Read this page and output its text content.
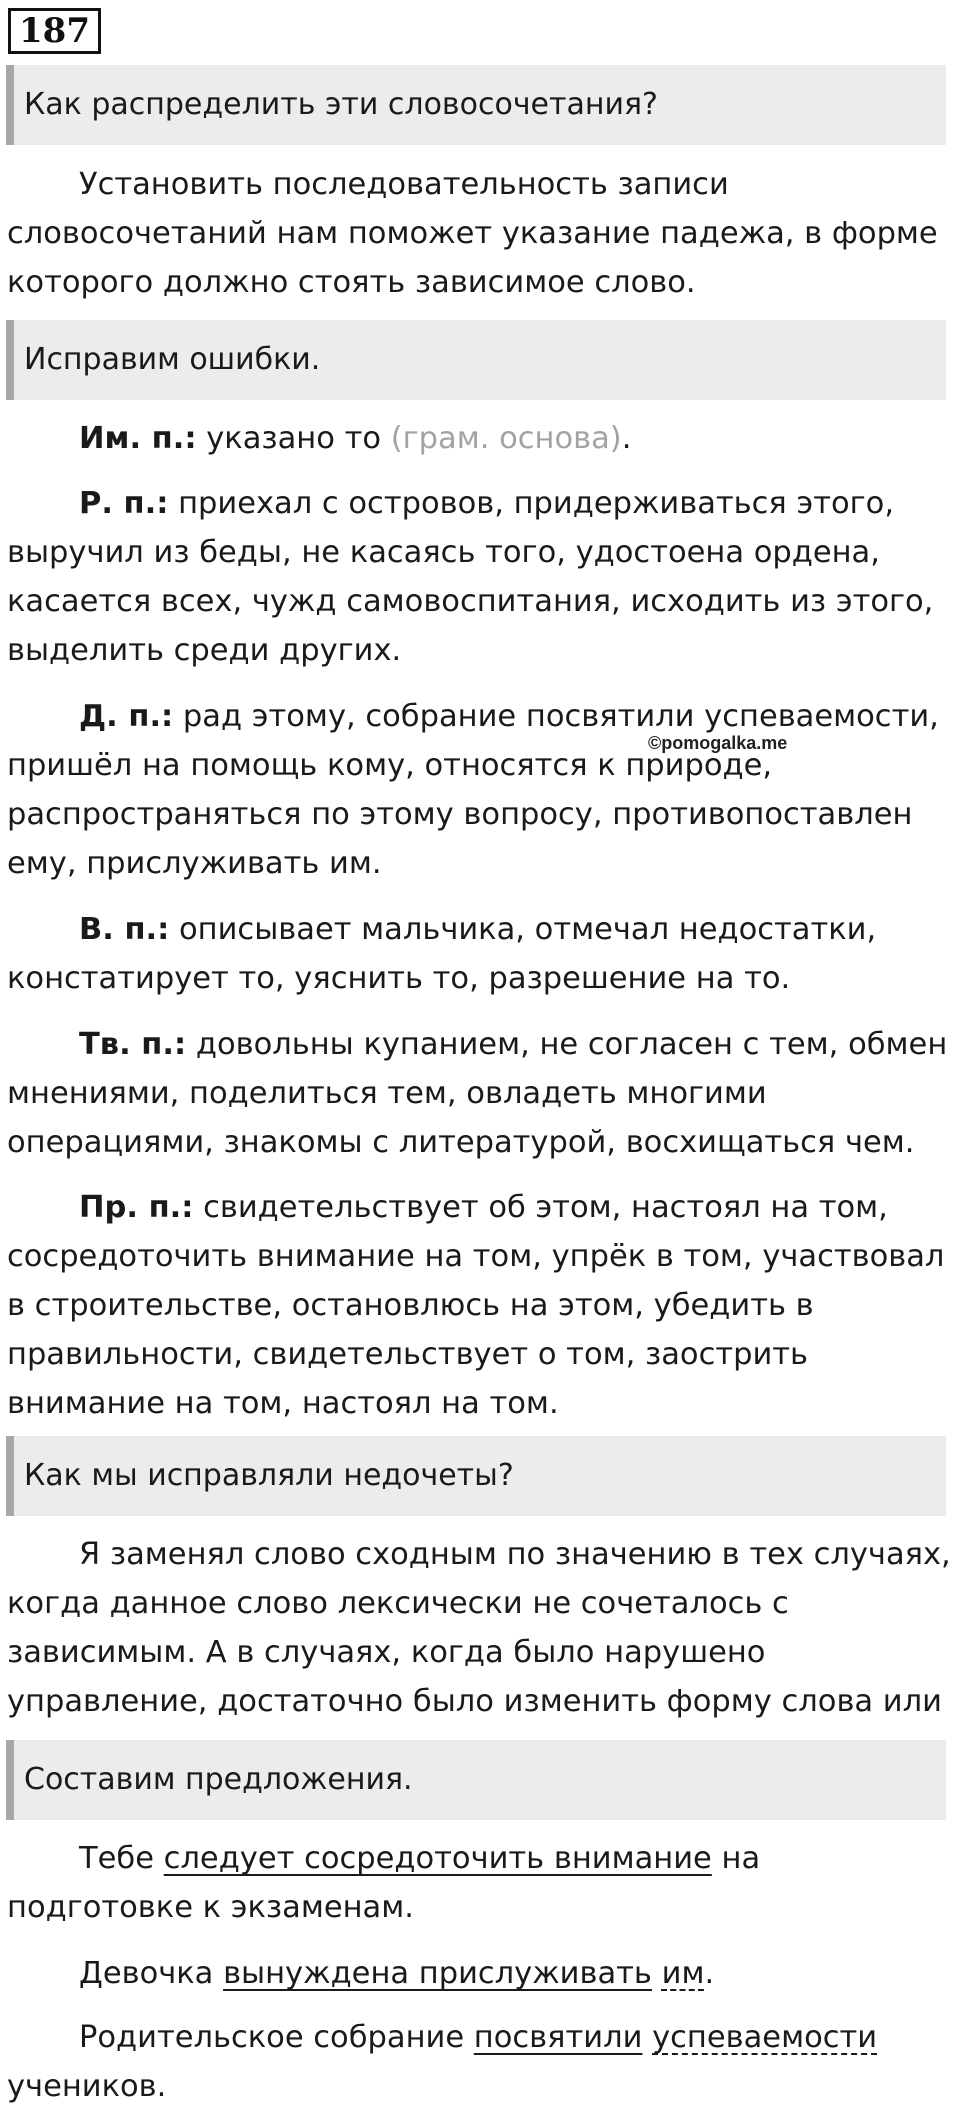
187
Как распределить эти словосочетания?

Установить последовательность записи словосочетаний нам поможет указание падежа, в форме которого должно стоять зависимое слово.

Исправим ошибки.

Им. п.: указано то (грам. основа).

Р. п.: приехал с островов, придерживаться этого, выручил из беды, не касаясь того, удостоена ордена, касается всех, чужд самовоспитания, исходить из этого, выделить среди других.

Д. п.: рад этому, собрание посвятили успеваемости, пришёл на помощь кому, относятся к природе, распространяться по этому вопросу, противопоставлен ему, прислуживать им.

В. п.: описывает мальчика, отмечал недостатки, констатирует то, уяснить то, разрешение на то.

Тв. п.: довольны купанием, не согласен с тем, обмен мнениями, поделиться тем, овладеть многими операциями, знакомы с литературой, восхищаться чем.

Пр. п.: свидетельствует об этом, настоял на том, сосредоточить внимание на том, упрёк в том, участвовал в строительстве, остановлюсь на этом, убедить в правильности, свидетельствует о том, заострить внимание на том, настоял на том.

©pomogalka.me
Как мы исправляли недочеты?

Я заменял слово сходным по значению в тех случаях, когда данное слово лексически не сочеталось с зависимым. А в случаях, когда было нарушено управление, достаточно было изменить форму слова или

Составим предложения.

Тебе следует сосредоточить внимание на подготовке к экзаменам.

Девочка вынуждена прислуживать им.

Родительское собрание посвятили успеваемости учеников.
